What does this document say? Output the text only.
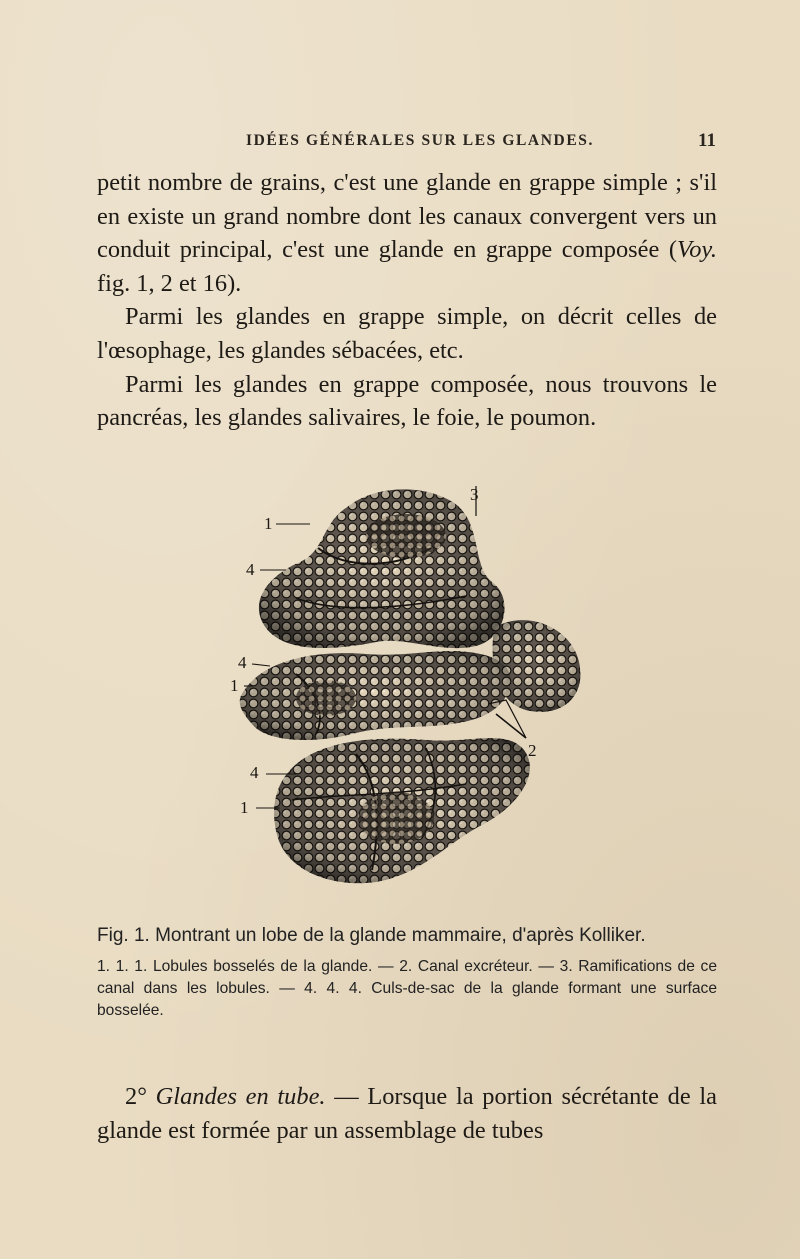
IDÉES GÉNÉRALES SUR LES GLANDES.	11

petit nombre de grains, c'est une glande en grappe simple ; s'il en existe un grand nombre dont les canaux convergent vers un conduit principal, c'est une glande en grappe composée (Voy. fig. 1, 2 et 16).

Parmi les glandes en grappe simple, on décrit celles de l'œsophage, les glandes sébacées, etc.

Parmi les glandes en grappe composée, nous trouvons le pancréas, les glandes salivaires, le foie, le poumon.

1
4
3
4
1
2
4
1

Fig. 1. Montrant un lobe de la glande mammaire, d'après Kolliker.

1. 1. 1. Lobules bosselés de la glande. — 2. Canal excréteur. — 3. Ramifications de ce canal dans les lobules. — 4. 4. 4. Culs-de-sac de la glande formant une surface bosselée.

2° Glandes en tube. — Lorsque la portion sécrétante de la glande est formée par un assemblage de tubes
